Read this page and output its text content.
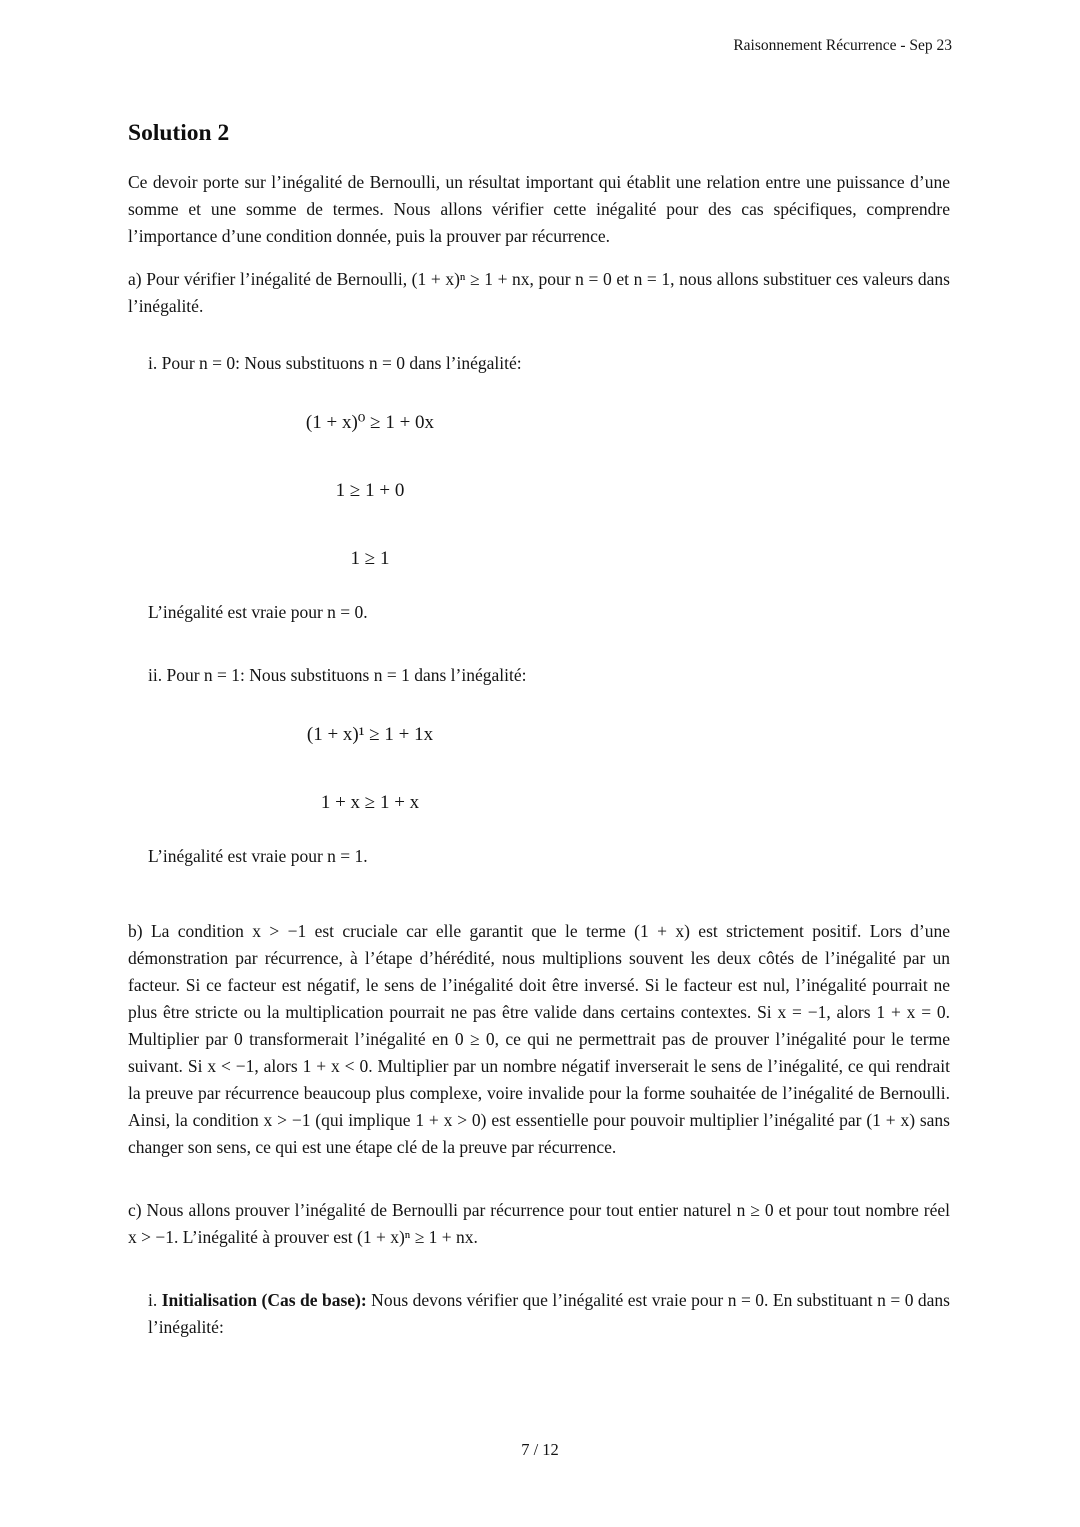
Raisonnement Récurrence - Sep 23
Solution 2

Ce devoir porte sur l’inégalité de Bernoulli, un résultat important qui établit une relation entre une puissance d’une somme et une somme de termes. Nous allons vérifier cette inégalité pour des cas spécifiques, comprendre l’importance d’une condition donnée, puis la prouver par récurrence.

a) Pour vérifier l’inégalité de Bernoulli, (1 + x)ⁿ ≥ 1 + nx, pour n = 0 et n = 1, nous allons substituer ces valeurs dans l’inégalité.

i. Pour n = 0: Nous substituons n = 0 dans l’inégalité:

(1 + x)⁰ ≥ 1 + 0x
1 ≥ 1 + 0
1 ≥ 1

L’inégalité est vraie pour n = 0.

ii. Pour n = 1: Nous substituons n = 1 dans l’inégalité:

(1 + x)¹ ≥ 1 + 1x
1 + x ≥ 1 + x

L’inégalité est vraie pour n = 1.

b) La condition x > −1 est cruciale car elle garantit que le terme (1 + x) est strictement positif. Lors d’une démonstration par récurrence, à l’étape d’hérédité, nous multiplions souvent les deux côtés de l’inégalité par un facteur. Si ce facteur est négatif, le sens de l’inégalité doit être inversé. Si le facteur est nul, l’inégalité pourrait ne plus être stricte ou la multiplication pourrait ne pas être valide dans certains contextes. Si x = −1, alors 1 + x = 0. Multiplier par 0 transformerait l’inégalité en 0 ≥ 0, ce qui ne permettrait pas de prouver l’inégalité pour le terme suivant. Si x < −1, alors 1 + x < 0. Multiplier par un nombre négatif inverserait le sens de l’inégalité, ce qui rendrait la preuve par récurrence beaucoup plus complexe, voire invalide pour la forme souhaitée de l’inégalité de Bernoulli. Ainsi, la condition x > −1 (qui implique 1 + x > 0) est essentielle pour pouvoir multiplier l’inégalité par (1 + x) sans changer son sens, ce qui est une étape clé de la preuve par récurrence.

c) Nous allons prouver l’inégalité de Bernoulli par récurrence pour tout entier naturel n ≥ 0 et pour tout nombre réel x > −1. L’inégalité à prouver est (1 + x)ⁿ ≥ 1 + nx.

i. Initialisation (Cas de base): Nous devons vérifier que l’inégalité est vraie pour n = 0. En substituant n = 0 dans l’inégalité:

7 / 12
